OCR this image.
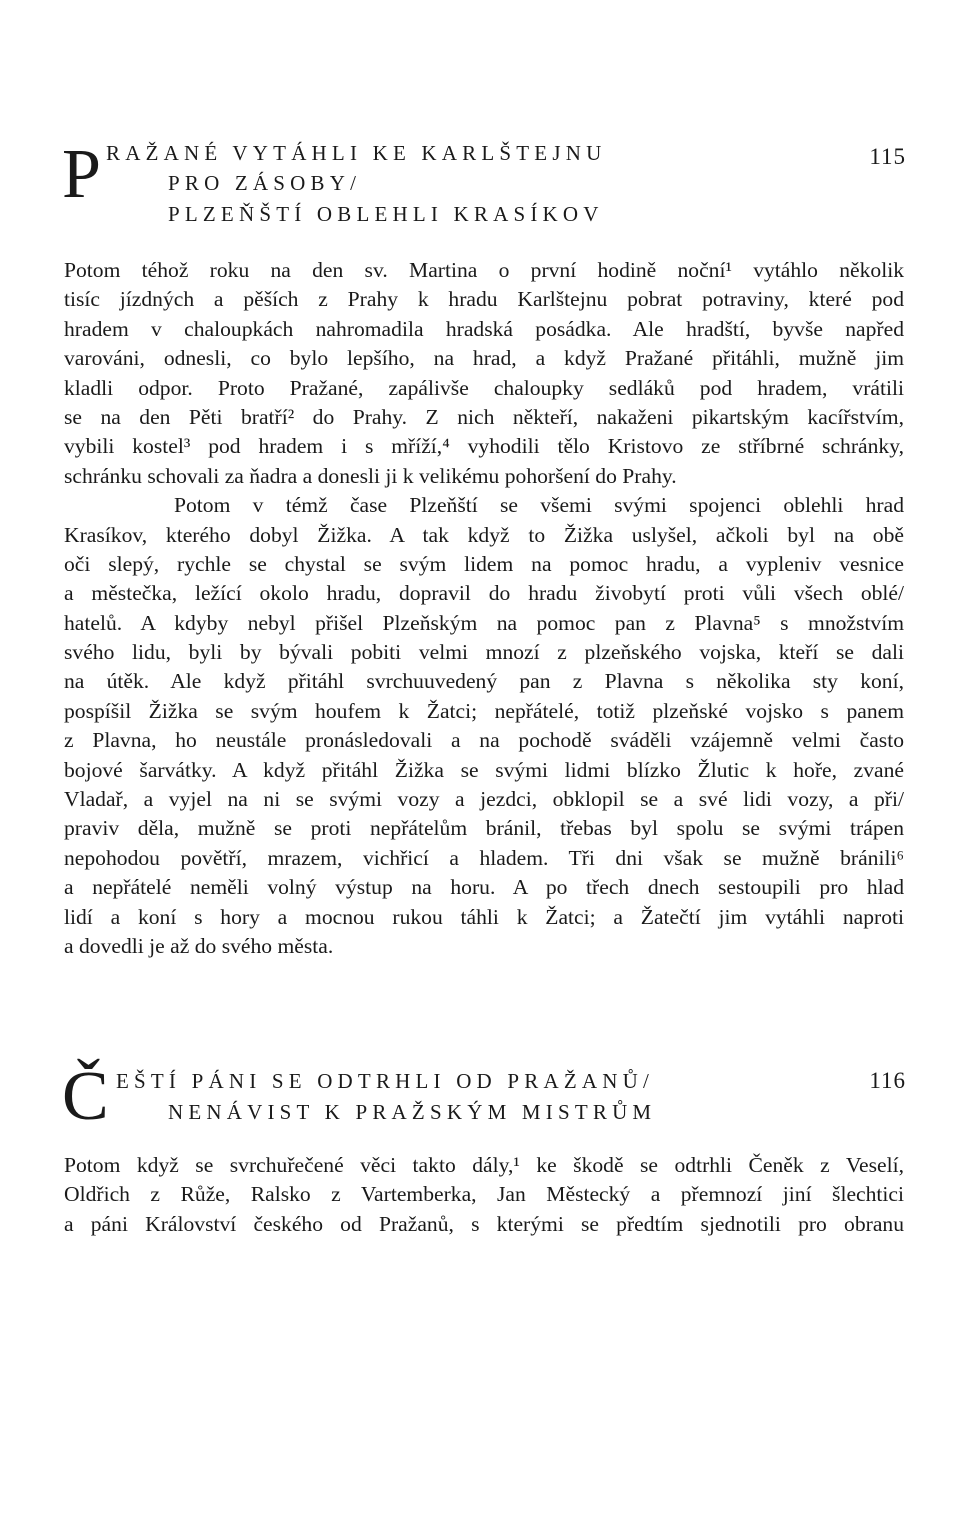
P RAŽANÉ VYTÁHLI KE KARLŠTEJNU
PRO ZÁSOBY/
PLZEŇŠTÍ OBLEHLI KRASÍKOV
115
Potom téhož roku na den sv. Martina o první hodině noční¹ vytáhlo několik
tisíc jízdných a pěších z Prahy k hradu Karlštejnu pobrat potraviny, které pod
hradem v chaloupkách nahromadila hradská posádka. Ale hradští, byvše napřed
varováni, odnesli, co bylo lepšího, na hrad, a když Pražané přitáhli, mužně jim
kladli odpor. Proto Pražané, zapálivše chaloupky sedláků pod hradem, vrátili
se na den Pěti bratří² do Prahy. Z nich někteří, nakaženi pikartským kacířstvím,
vybili kostel³ pod hradem i s mříží,⁴ vyhodili tělo Kristovo ze stříbrné schránky,
schránku schovali za ňadra a donesli ji k velikému pohoršení do Prahy.
Potom v témž čase Plzeňští se všemi svými spojenci oblehli hrad
Krasíkov, kterého dobyl Žižka. A tak když to Žižka uslyšel, ačkoli byl na obě
oči slepý, rychle se chystal se svým lidem na pomoc hradu, a vypleniv vesnice
a městečka, ležící okolo hradu, dopravil do hradu živobytí proti vůli všech oblé/
hatelů. A kdyby nebyl přišel Plzeňským na pomoc pan z Plavna⁵ s množstvím
svého lidu, byli by bývali pobiti velmi mnozí z plzeňského vojska, kteří se dali
na útěk. Ale když přitáhl svrchuuvedený pan z Plavna s několika sty koní,
pospíšil Žižka se svým houfem k Žatci; nepřátelé, totiž plzeňské vojsko s panem
z Plavna, ho neustále pronásledovali a na pochodě sváděli vzájemně velmi často
bojové šarvátky. A když přitáhl Žižka se svými lidmi blízko Žlutic k hoře, zvané
Vladař, a vyjel na ni se svými vozy a jezdci, obklopil se a své lidi vozy, a při/
praviv děla, mužně se proti nepřátelům bránil, třebas byl spolu se svými trápen
nepohodou povětří, mrazem, vichřicí a hladem. Tři dni však se mužně bránili⁶
a nepřátelé neměli volný výstup na horu. A po třech dnech sestoupili pro hlad
lidí a koní s hory a mocnou rukou táhli k Žatci; a Žatečtí jim vytáhli naproti
a dovedli je až do svého města.
Č EŠTÍ PÁNI SE ODTRHLI OD PRAŽANŮ/
NENÁVIST K PRAŽSKÝM MISTRŮM
116
Potom když se svrchuřečené věci takto dály,¹ ke škodě se odtrhli Čeněk z Veselí,
Oldřich z Růže, Ralsko z Vartemberka, Jan Městecký a přemnozí jiní šlechtici
a páni Království českého od Pražanů, s kterými se předtím sjednotili pro obranu
